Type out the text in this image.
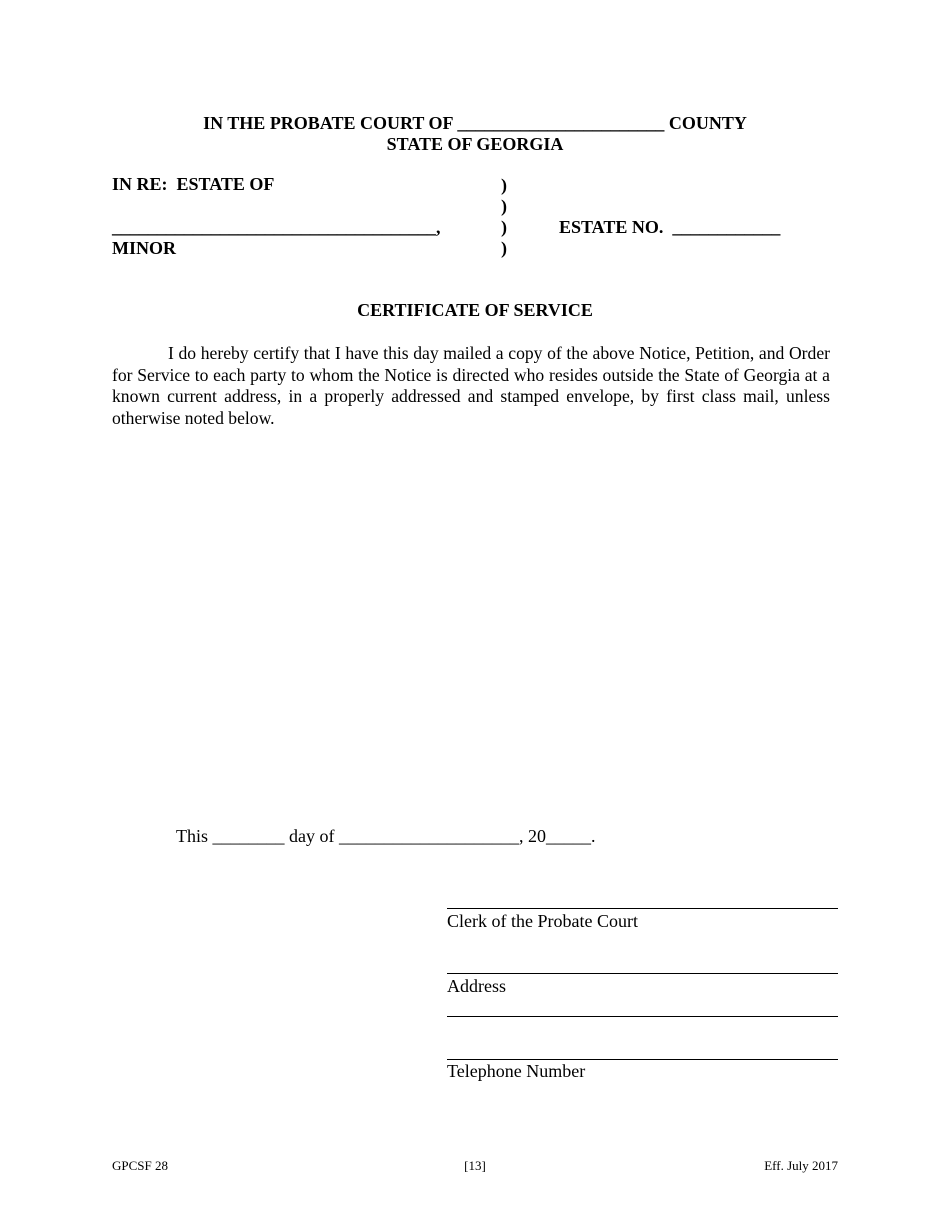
IN THE PROBATE COURT OF _______________________ COUNTY
STATE OF GEORGIA
IN RE:  ESTATE OF
____________________________________,
MINOR
)
)
)
)
ESTATE NO.  ____________
CERTIFICATE OF SERVICE
I do hereby certify that I have this day mailed a copy of the above Notice, Petition, and Order for Service to each party to whom the Notice is directed who resides outside the State of Georgia at a known current address, in a properly addressed and stamped envelope, by first class mail, unless otherwise noted below.
This ________ day of ____________________, 20_____.
Clerk of the Probate Court
Address
Telephone Number
GPCSF 28	[13]	Eff. July 2017
